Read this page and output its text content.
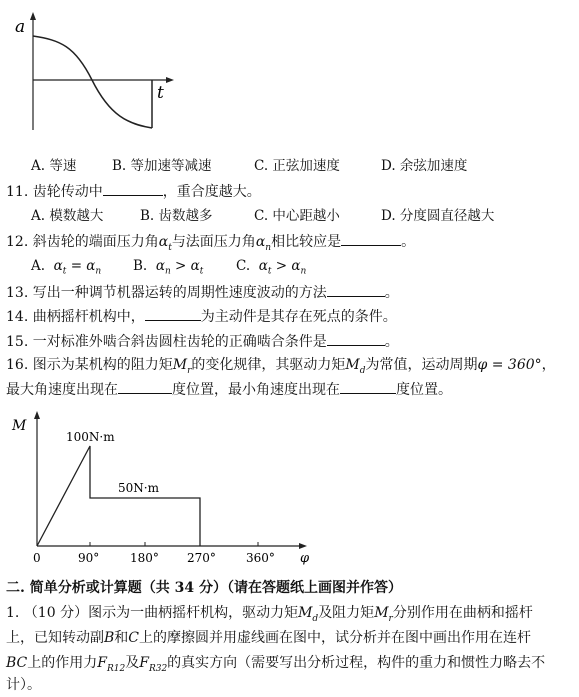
a
t
A. 等速	B. 等加速等减速	C. 正弦加速度	D. 余弦加速度
11. 齿轮传动中	，重合度越大。
A. 模数越大	B. 齿数越多	C. 中心距越小	D. 分度圆直径越大
12. 斜齿轮的端面压力角$\alpha_t$与法面压力角$\alpha_n$相比较应是	。
A. $\alpha_t = \alpha_n$ B. $\alpha_n > \alpha_t$ C. $\alpha_t > \alpha_n$
13. 写出一种调节机器运转的周期性速度波动的方法	。
14. 曲柄摇杆机构中，	为主动件是其存在死点的条件。
15. 一对标准外啮合斜齿圆柱齿轮的正确啮合条件是	。
16. 图示为某机构的阻力矩$M_r$的变化规律，其驱动力矩$M_d$为常值，运动周期φ = 360°，
最大角速度出现在	度位置，最小角速度出现在	度位置。
M
100N·m
50N·m
0	90°	180° 270°	360° φ
二. 简单分析或计算题（共 34 分）（请在答题纸上画图并作答）
1. （10 分）图示为一曲柄摇杆机构，驱动力矩$M_d$及阻力矩$M_r$分别作用在曲柄和摇杆
上，已知转动副B和C上的摩擦圆并用虚线画在图中，试分析并在图中画出作用在连杆
BC上的作用力$F_{R12}$及$F_{R32}$的真实方向（需要写出分析过程，构件的重力和惯性力略去不
计）。
